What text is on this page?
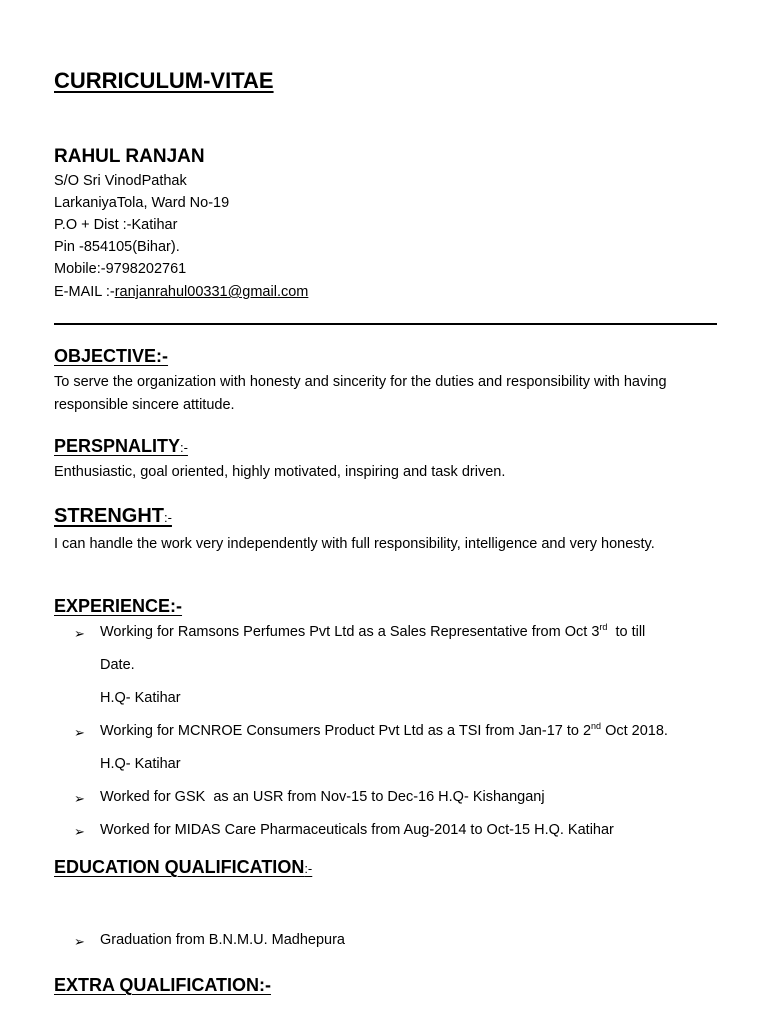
CURRICULUM-VITAE
RAHUL RANJAN
S/O Sri VinodPathak
LarkaniyaTola, Ward No-19
P.O + Dist :-Katihar
Pin -854105(Bihar).
Mobile:-9798202761
E-MAIL :-ranjanrahul00331@gmail.com
OBJECTIVE:-
To serve the organization with honesty and sincerity for the duties and responsibility with having responsible sincere attitude.
PERSPNALITY:-
Enthusiastic, goal oriented, highly motivated, inspiring and task driven.
STRENGHT:-
I can handle the work very independently with full responsibility, intelligence and very honesty.
EXPERIENCE:-
➢ Working for Ramsons Perfumes Pvt Ltd as a Sales Representative from Oct 3rd  to till
Date.
H.Q- Katihar
➢ Working for MCNROE Consumers Product Pvt Ltd as a TSI from Jan-17 to 2nd Oct 2018.
H.Q- Katihar
➢ Worked for GSK  as an USR from Nov-15 to Dec-16 H.Q- Kishanganj
➢ Worked for MIDAS Care Pharmaceuticals from Aug-2014 to Oct-15 H.Q. Katihar
EDUCATION QUALIFICATION:-
➢ Graduation from B.N.M.U. Madhepura
EXTRA QUALIFICATION:-
